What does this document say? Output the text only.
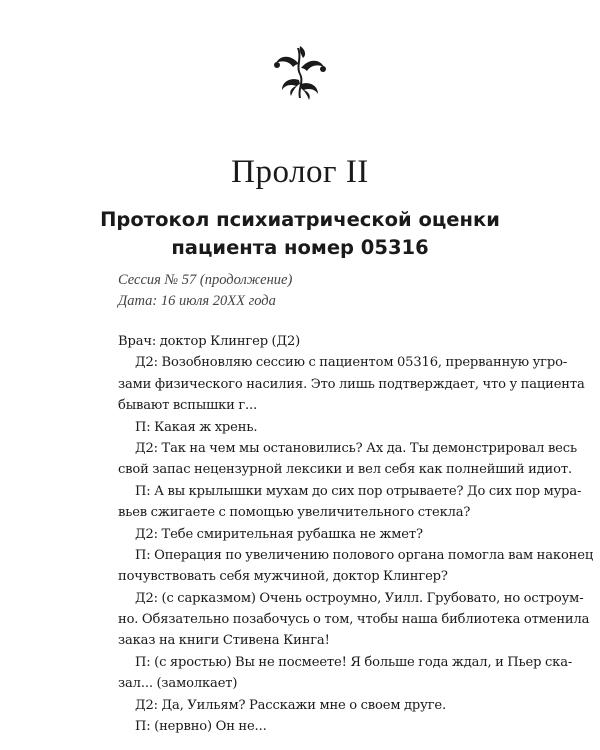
Пролог II
Протокол психиатрической оценки
пациента номер 05316
Сессия № 57 (продолжение)
Дата: 16 июля 20XX года
Врач: доктор Клингер (Д2)
Д2: Возобновляю сессию с пациентом 05316, прерванную угро-
зами физического насилия. Это лишь подтверждает, что у пациента
бывают вспышки г...
П: Какая ж хрень.
Д2: Так на чем мы остановились? Ах да. Ты демонстрировал весь
свой запас нецензурной лексики и вел себя как полнейший идиот.
П: А вы крылышки мухам до сих пор отрываете? До сих пор мура-
вьев сжигаете с помощью увеличительного стекла?
Д2: Тебе смирительная рубашка не жмет?
П: Операция по увеличению полового органа помогла вам наконец
почувствовать себя мужчиной, доктор Клингер?
Д2: (с сарказмом) Очень остроумно, Уилл. Грубовато, но остроум-
но. Обязательно позабочусь о том, чтобы наша библиотека отменила
заказ на книги Стивена Кинга!
П: (с яростью) Вы не посмеете! Я больше года ждал, и Пьер ска-
зал... (замолкает)
Д2: Да, Уильям? Расскажи мне о своем друге.
П: (нервно) Он не...
